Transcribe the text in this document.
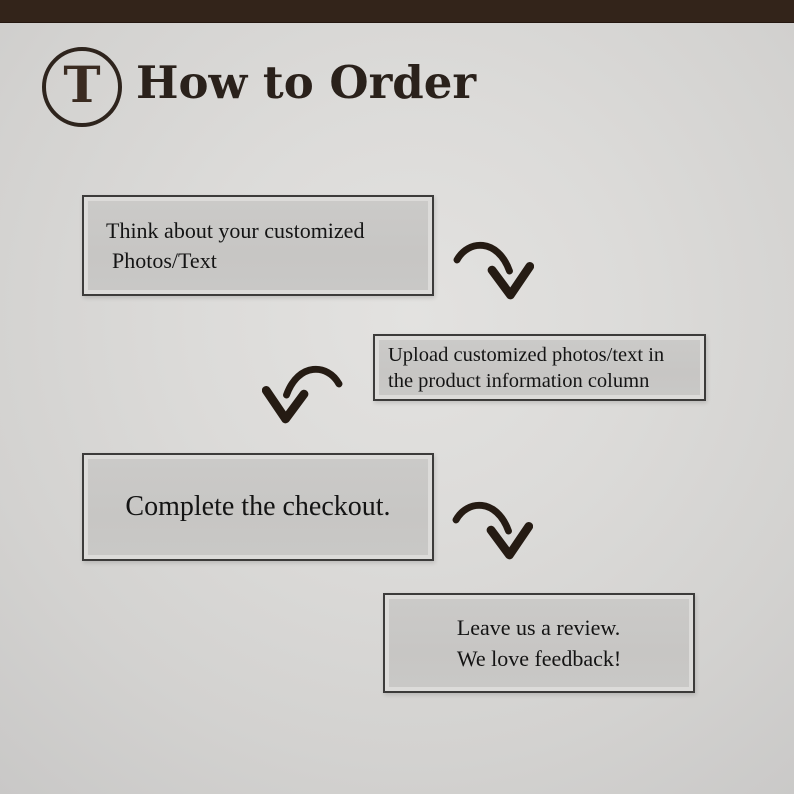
T How to Order
Think about your customized
Photos/Text
Upload customized photos/text in
the product information column
Complete the checkout.
Leave us a review.
We love feedback!
